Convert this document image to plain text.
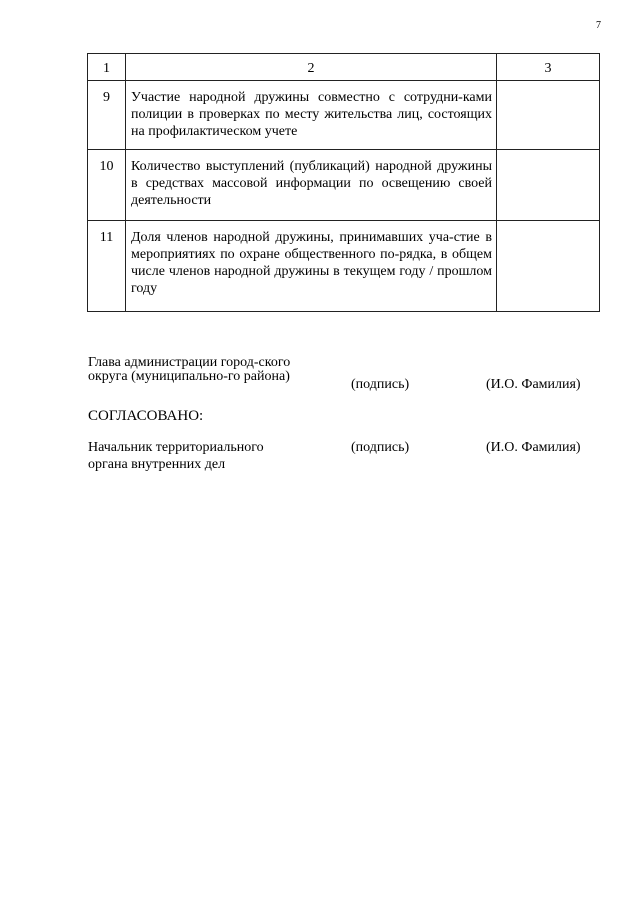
7
1	2	3
9	Участие народной дружины совместно с сотрудни-ками полиции в проверках по месту жительства лиц, состоящих на профилактическом учете	
10	Количество выступлений (публикаций) народной дружины в средствах массовой информации по освещению своей деятельности	
11	Доля членов народной дружины, принимавших уча-стие в мероприятиях по охране общественного по-рядка, в общем числе членов народной дружины в текущем году / прошлом году	
Глава администрации город-ского округа (муниципально-го района)
(подпись)	(И.О. Фамилия)
СОГЛАСОВАНО:
Начальник территориального органа внутренних дел
(подпись)	(И.О. Фамилия)
